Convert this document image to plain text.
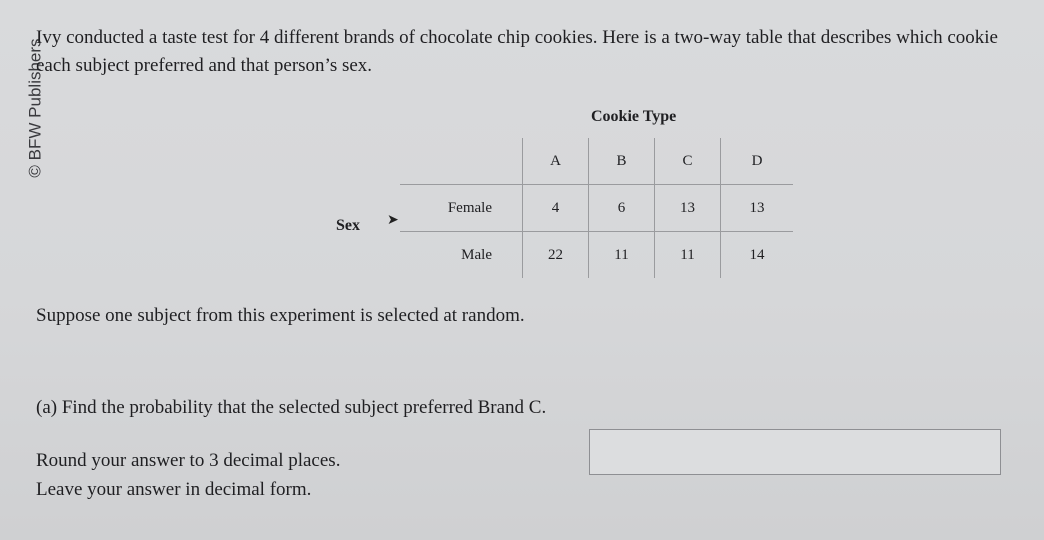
© BFW Publishers
Ivy conducted a taste test for 4 different brands of chocolate chip cookies. Here is a two-way table that describes which cookie
each subject preferred and that person’s sex.
Cookie Type
Sex ➤
	A	B	C	D
Female	4	6	13	13
Male	22	11	11	14
Suppose one subject from this experiment is selected at random.
(a) Find the probability that the selected subject preferred Brand C.
Round your answer to 3 decimal places.
Leave your answer in decimal form.
